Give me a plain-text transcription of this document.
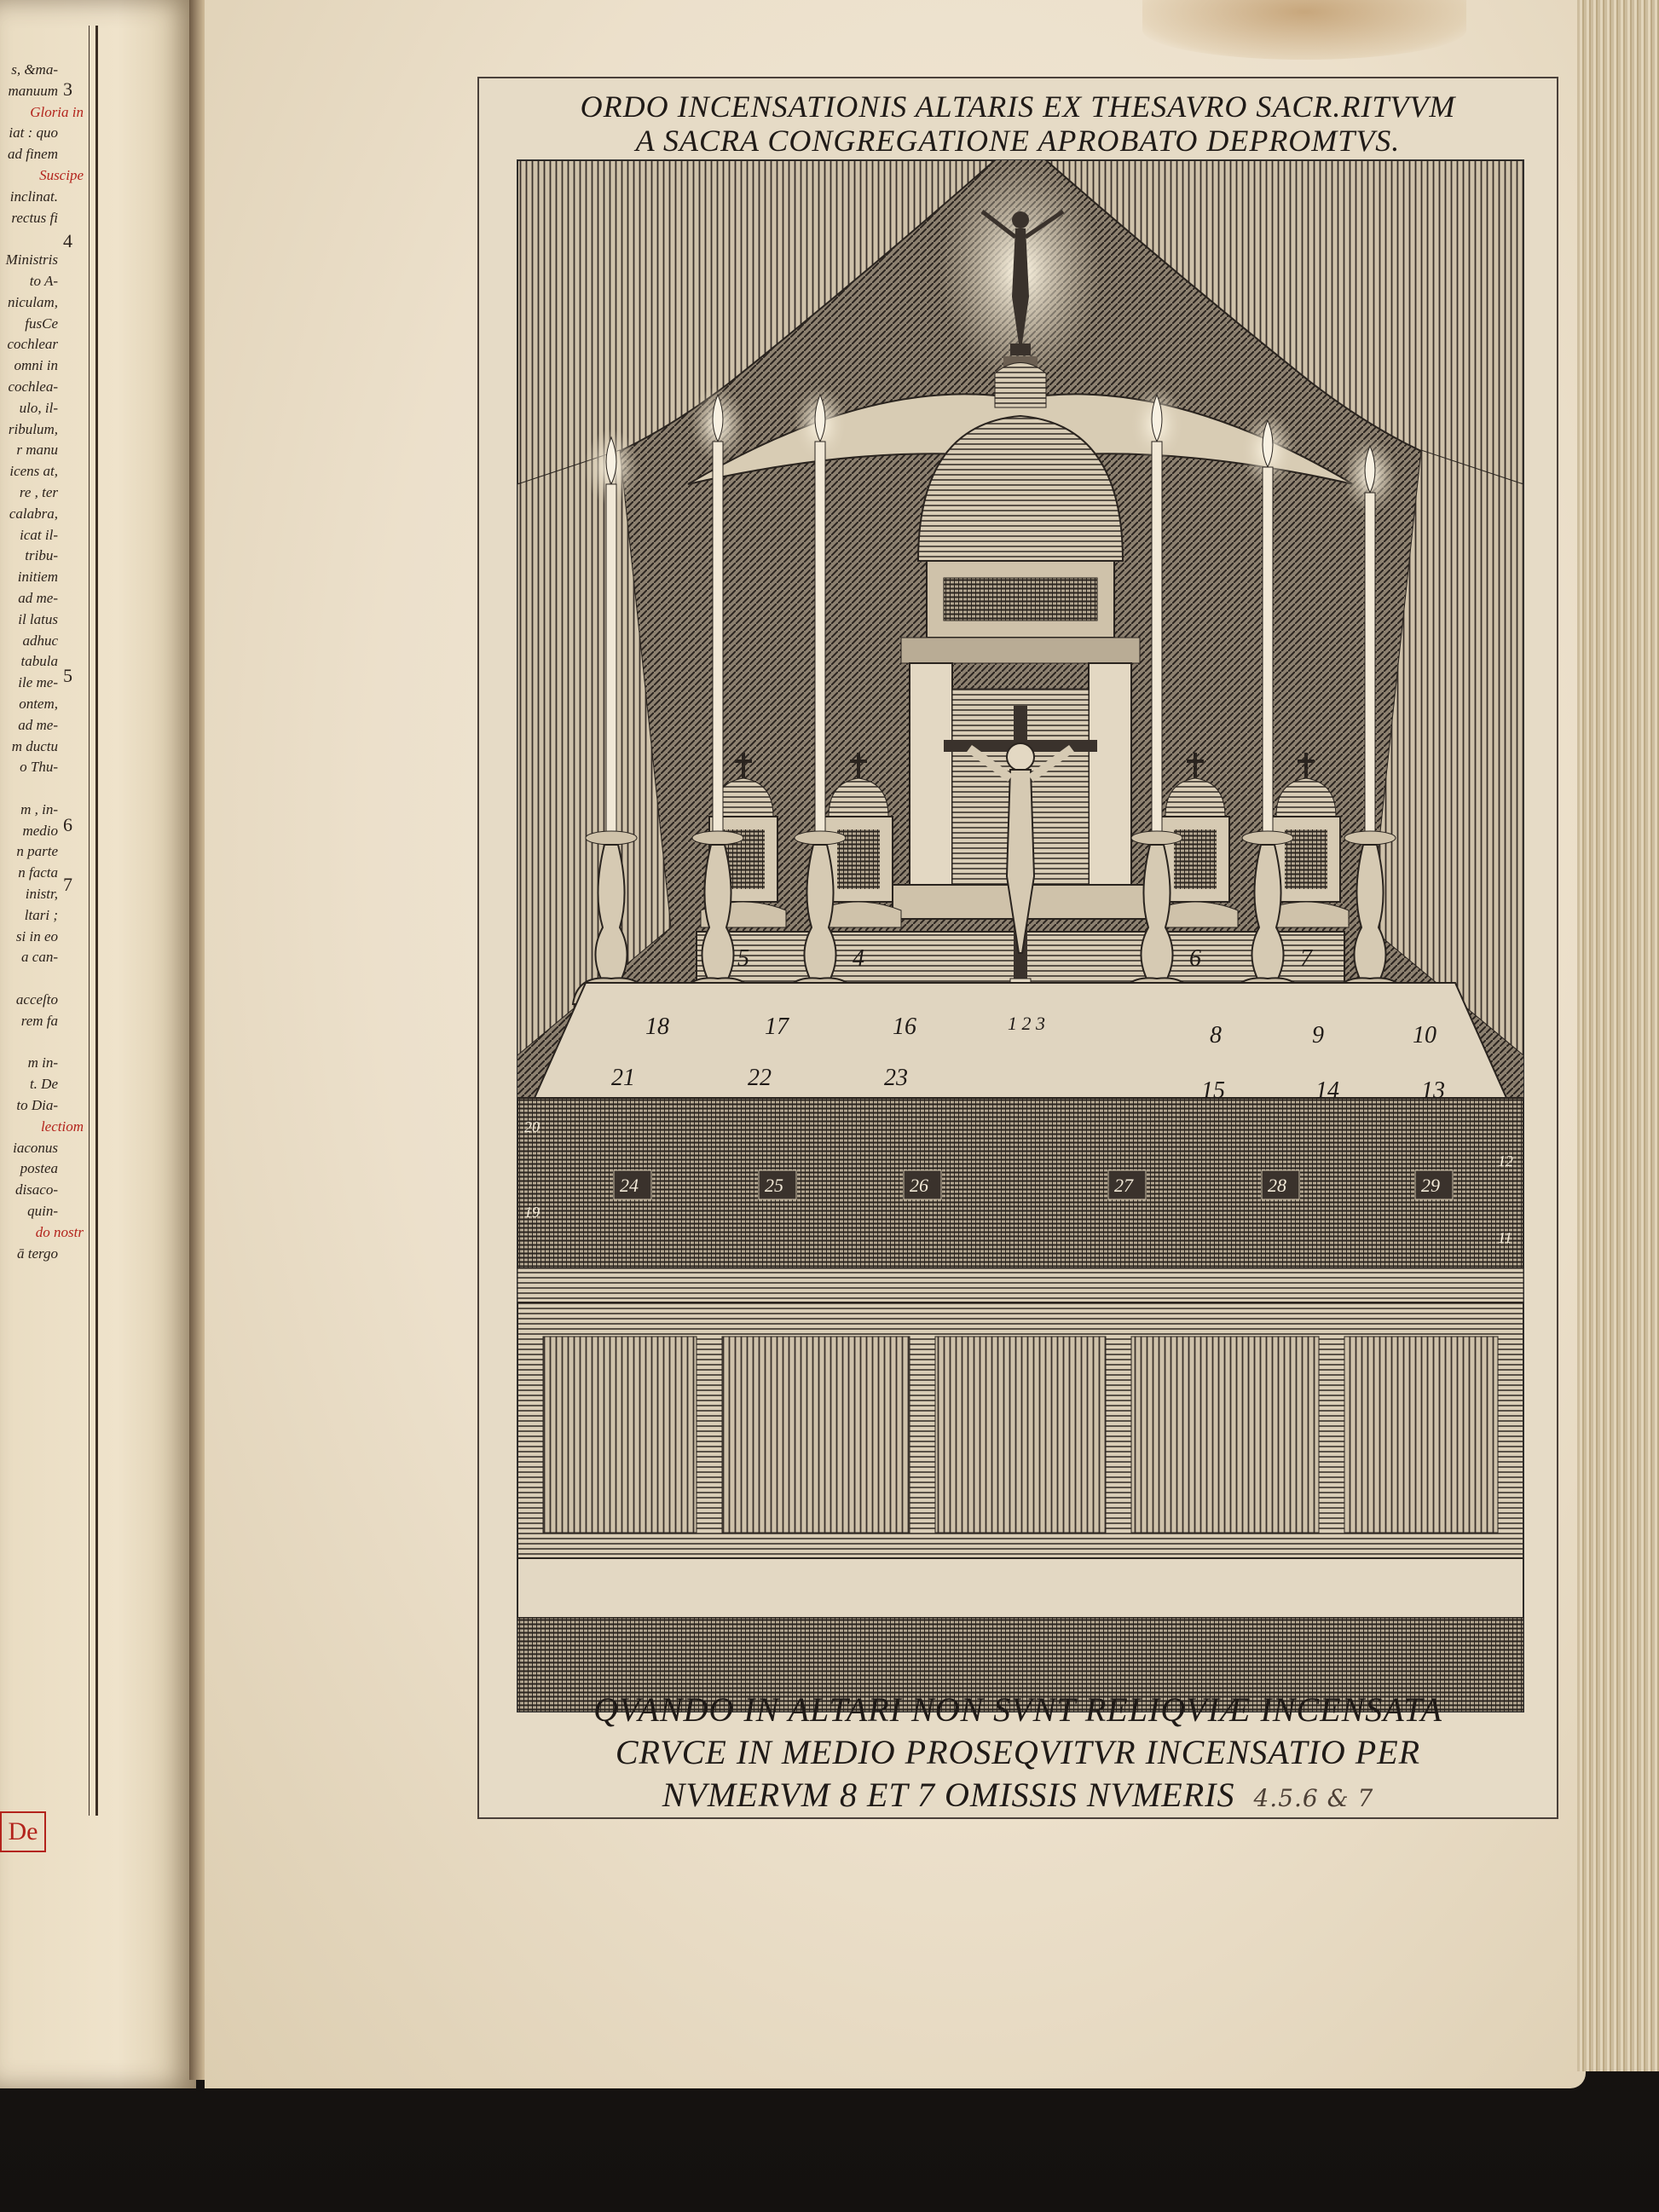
s, &ma-
manuum
Gloria in
iat : quo
ad finem
Suscipe
inclinat.
rectus fi
Ministris
to A-
niculam,
fusCe
cochlear
omni in
cochlea-
ulo, il-
ribulum,
r manu
icens at,
re , ter
calabra,
icat il-
tribu-
initiem
ad me-
il latus
adhuc
tabula
ile me-
ontem,
ad me-
m ductu
o Thu-
m , in-
medio
n parte
n facta
inistr,
ltari ;
si in eo
a can-
acceſto
rem fa
m in-
t. De
to Dia-
lectiom
iaconus
postea
disaco-
quin-
do nostr
ā tergo
3
4
5
6
7
De
ORDO INCENSATIONIS ALTARIS EX THESAVRO SACR.RITVVM
A SACRA CONGREGATIONE APROBATO DEPROMTVS.
5	4	6	7
1 2 3
18	17	16	8	9	10
21	22	23	15	14	13
24	25	26	27	28	29
20
19
12
11
QVANDO IN ALTARI NON SVNT RELIQVIÆ INCENSATA
CRVCE IN MEDIO PROSEQVITVR INCENSATIO PER
NVMERVM 8 ET 7 OMISSIS NVMERIS 4.5.6 & 7
